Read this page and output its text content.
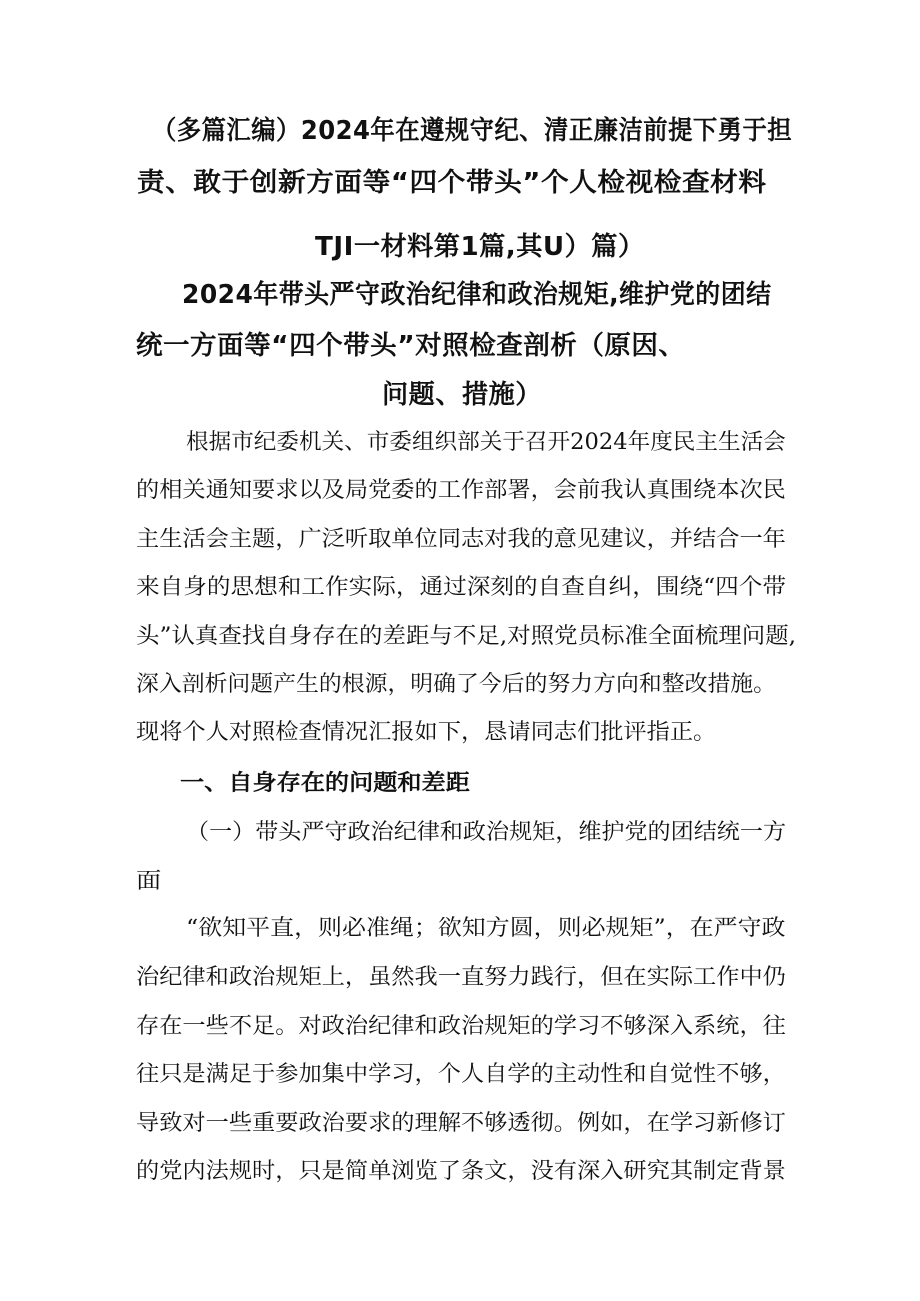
（多篇汇编）2024年在遵规守纪、清正廉洁前提下勇于担
责、敢于创新方面等“四个带头”个人检视检查材料
TJI一材料第1篇,其U）篇）
2024年带头严守政治纪律和政治规矩,维护党的团结
统一方面等“四个带头”对照检查剖析（原因、
问题、措施）
根据市纪委机关、市委组织部关于召开2024年度民主生活会
的相关通知要求以及局党委的工作部署，会前我认真围绕本次民
主生活会主题，广泛听取单位同志对我的意见建议，并结合一年
来自身的思想和工作实际，通过深刻的自查自纠，围绕“四个带
头”认真查找自身存在的差距与不足,对照党员标准全面梳理问题,
深入剖析问题产生的根源，明确了今后的努力方向和整改措施。
现将个人对照检查情况汇报如下，恳请同志们批评指正。
一、自身存在的问题和差距
（一）带头严守政治纪律和政治规矩，维护党的团结统一方
面
“欲知平直，则必准绳；欲知方圆，则必规矩”，在严守政
治纪律和政治规矩上，虽然我一直努力践行，但在实际工作中仍
存在一些不足。对政治纪律和政治规矩的学习不够深入系统，往
往只是满足于参加集中学习，个人自学的主动性和自觉性不够，
导致对一些重要政治要求的理解不够透彻。例如，在学习新修订
的党内法规时，只是简单浏览了条文，没有深入研究其制定背景
